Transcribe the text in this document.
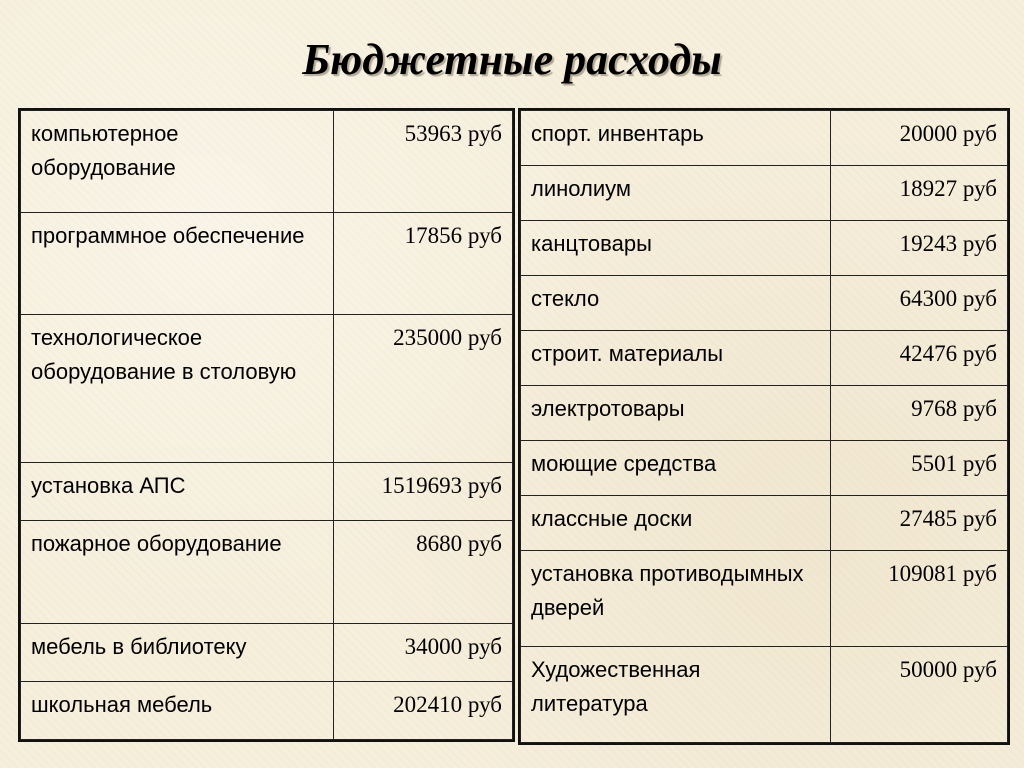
Бюджетные расходы
компьютерное оборудование	53963 руб
программное обеспечение	17856 руб
технологическое оборудование в столовую	235000 руб
установка АПС	1519693 руб
пожарное оборудование	8680 руб
мебель в библиотеку	34000 руб
школьная мебель	202410 руб
спорт. инвентарь	20000 руб
линолиум	18927 руб
канцтовары	19243 руб
стекло	64300 руб
строит. материалы	42476 руб
электротовары	9768 руб
моющие средства	5501 руб
классные доски	27485 руб
установка противодымных дверей	109081 руб
Художественная литература	50000 руб
